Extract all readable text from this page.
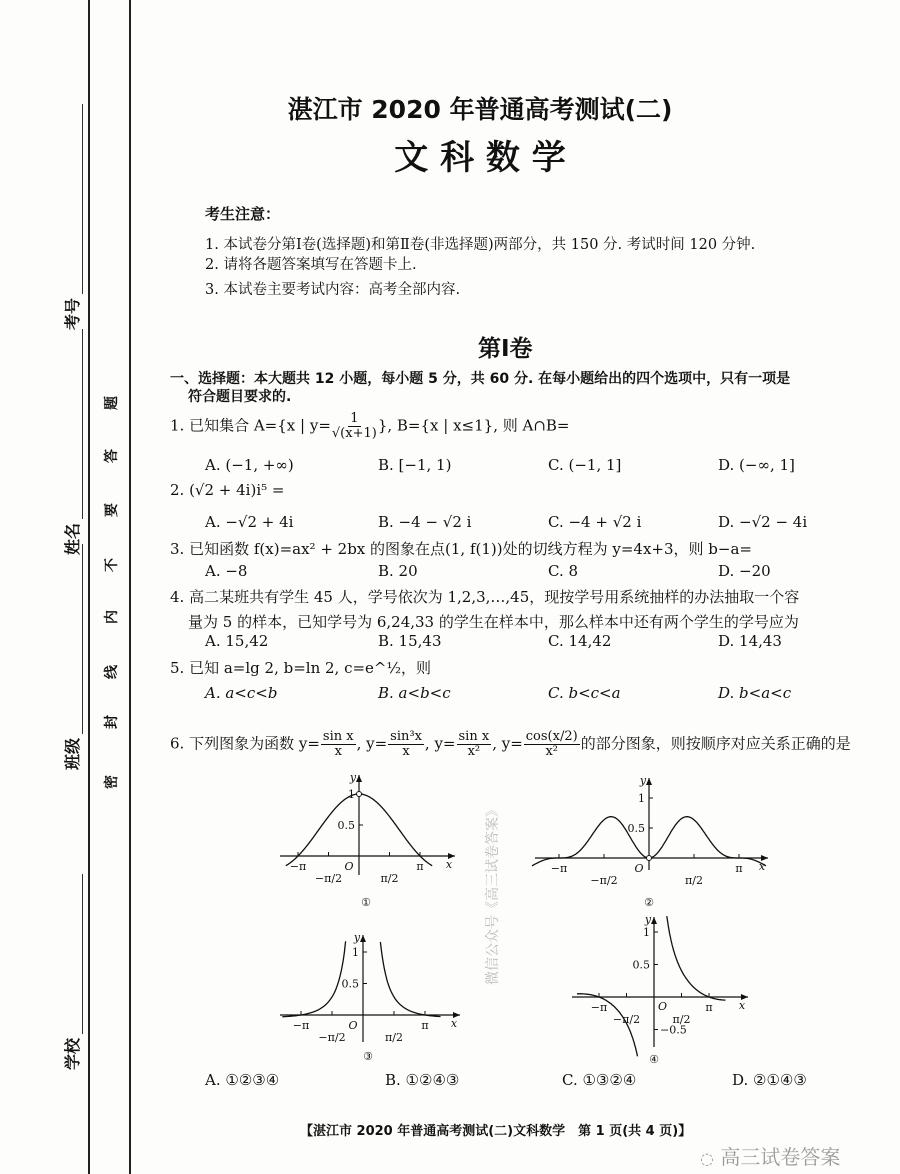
考号
姓名
班级
学校
密
封
线
内
不
要
答
题
湛江市 2020 年普通高考测试(二)
文 科 数 学
考生注意：
1. 本试卷分第Ⅰ卷(选择题)和第Ⅱ卷(非选择题)两部分，共 150 分. 考试时间 120 分钟.
2. 请将各题答案填写在答题卡上.
3. 本试卷主要考试内容：高考全部内容.
第Ⅰ卷
一、选择题：本大题共 12 小题，每小题 5 分，共 60 分. 在每小题给出的四个选项中，只有一项是
符合题目要求的.
1. 已知集合 A={x | $y= \frac{1}{√(x+1)}$ }, B={x | x≤1}, 则 A∩B=
A. (−1, +∞)	B. [−1, 1)	C. (−1, 1]	D. (−∞, 1]
2. (√2 + 4i)i⁵ =
A. −√2 + 4i	B. −4 − √2 i	C. −4 + √2 i	D. −√2 − 4i
3. 已知函数 f(x)=ax² + 2bx 的图象在点(1, f(1))处的切线方程为 y=4x+3，则 b−a=
A. −8	B. 20	C. 8	D. −20
4. 高二某班共有学生 45 人，学号依次为 1,2,3,…,45，现按学号用系统抽样的办法抽取一个容
量为 5 的样本，已知学号为 6,24,33 的学生在样本中，那么样本中还有两个学生的学号应为
A. 15,42	B. 15,43	C. 14,42	D. 14,43
5. 已知 a=lg 2, b=ln 2, c=e^½，则
A. a<c<b	B. a<b<c	C. b<c<a	D. b<a<c
微信公众号《高三试卷答案》
6. 下列图象为函数 $y= \frac{\text{sin x}}{x}$ , $y= \frac{\text{sin³x}}{x}$ , $y= \frac{\text{sin x}}{\text{x²}}$ , $y= \frac{\cos(x/2)}{\text{x²}}$ 的部分图象，则按顺序对应关系正确的是
x
y
O
1
0.5
−π
−π/2	π/2
π
①
x
y
O
1
0.5
−π
−π/2	π/2
π
②
x
y
O
1
0.5
−π
−π/2	π/2
π
③
x
y
O
1
0.5
−0.5
−π
−π/2	π/2
π
④
A. ①②③④	B. ①②④③	C. ①③②④	D. ②①④③
【湛江市 2020 年普通高考测试(二)文科数学　第 1 页(共 4 页)】
◌ 高三试卷答案
